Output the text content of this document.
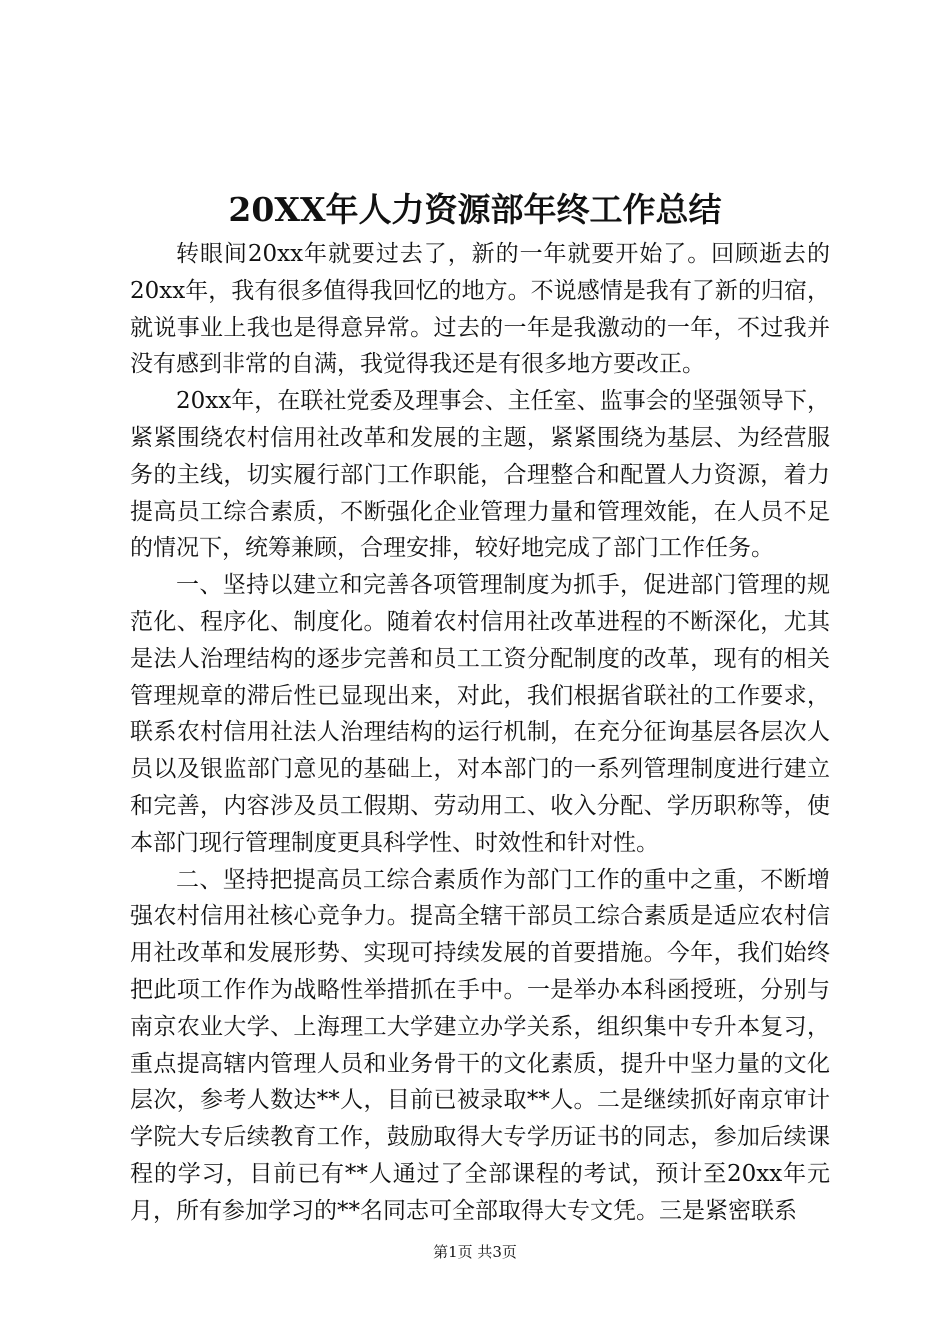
20XX年人力资源部年终工作总结

转眼间20xx年就要过去了，新的一年就要开始了。回顾逝去的20xx年，我有很多值得我回忆的地方。不说感情是我有了新的归宿，就说事业上我也是得意异常。过去的一年是我激动的一年，不过我并没有感到非常的自满，我觉得我还是有很多地方要改正。

20xx年，在联社党委及理事会、主任室、监事会的坚强领导下，紧紧围绕农村信用社改革和发展的主题，紧紧围绕为基层、为经营服务的主线，切实履行部门工作职能，合理整合和配置人力资源，着力提高员工综合素质，不断强化企业管理力量和管理效能，在人员不足的情况下，统筹兼顾，合理安排，较好地完成了部门工作任务。

一、坚持以建立和完善各项管理制度为抓手，促进部门管理的规范化、程序化、制度化。随着农村信用社改革进程的不断深化，尤其是法人治理结构的逐步完善和员工工资分配制度的改革，现有的相关管理规章的滞后性已显现出来，对此，我们根据省联社的工作要求，联系农村信用社法人治理结构的运行机制，在充分征询基层各层次人员以及银监部门意见的基础上，对本部门的一系列管理制度进行建立和完善，内容涉及员工假期、劳动用工、收入分配、学历职称等，使本部门现行管理制度更具科学性、时效性和针对性。

二、坚持把提高员工综合素质作为部门工作的重中之重，不断增强农村信用社核心竞争力。提高全辖干部员工综合素质是适应农村信用社改革和发展形势、实现可持续发展的首要措施。今年，我们始终把此项工作作为战略性举措抓在手中。一是举办本科函授班，分别与南京农业大学、上海理工大学建立办学关系，组织集中专升本复习，重点提高辖内管理人员和业务骨干的文化素质，提升中坚力量的文化层次，参考人数达**人，目前已被录取**人。二是继续抓好南京审计学院大专后续教育工作，鼓励取得大专学历证书的同志，参加后续课程的学习，目前已有**人通过了全部课程的考试，预计至20xx年元月，所有参加学习的**名同志可全部取得大专文凭。三是紧密联系

第1页 共3页
